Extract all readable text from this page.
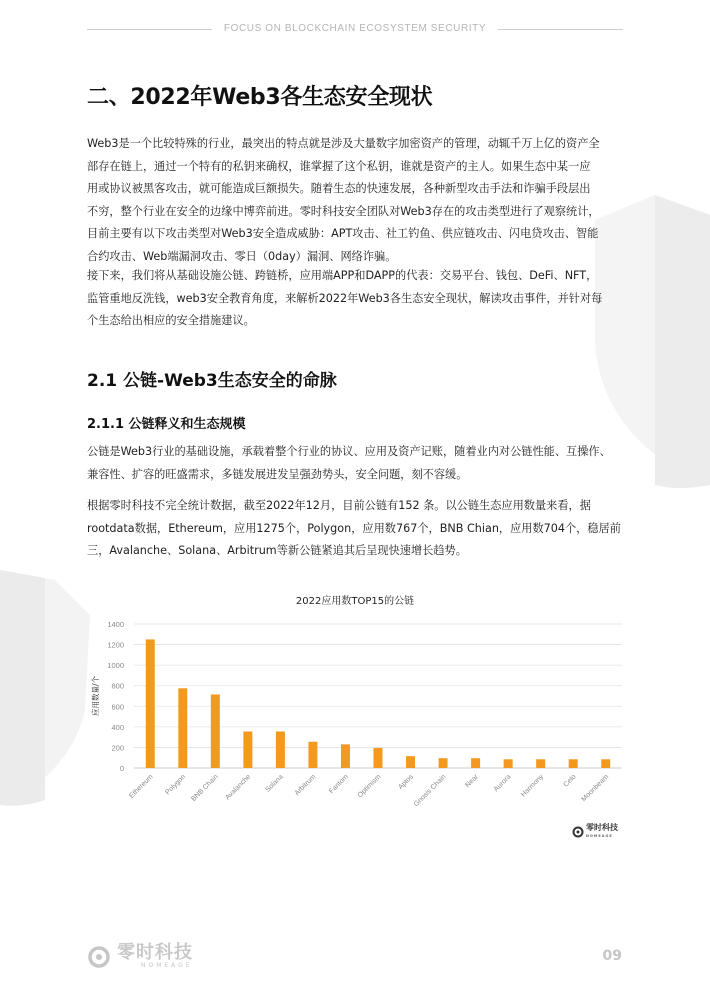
FOCUS ON BLOCKCHAIN ECOSYSTEM SECURITY
二、2022年Web3各生态安全现状
Web3是一个比较特殊的行业，最突出的特点就是涉及大量数字加密资产的管理，动辄千万上亿的资产全
部存在链上，通过一个特有的私钥来确权，谁掌握了这个私钥，谁就是资产的主人。如果生态中某一应
用或协议被黑客攻击，就可能造成巨额损失。随着生态的快速发展，各种新型攻击手法和诈骗手段层出
不穷，整个行业在安全的边缘中博弈前进。零时科技安全团队对Web3存在的攻击类型进行了观察统计，
目前主要有以下攻击类型对Web3安全造成威胁：APT攻击、社工钓鱼、供应链攻击、闪电贷攻击、智能
合约攻击、Web端漏洞攻击、零日（0day）漏洞、网络诈骗。
接下来，我们将从基础设施公链、跨链桥，应用端APP和DAPP的代表：交易平台、钱包、DeFi、NFT，
监管重地反洗钱，web3安全教育角度，来解析2022年Web3各生态安全现状，解读攻击事件，并针对每
个生态给出相应的安全措施建议。
2.1 公链-Web3生态安全的命脉
2.1.1 公链释义和生态规模
公链是Web3行业的基础设施，承载着整个行业的协议、应用及资产记账，随着业内对公链性能、互操作、
兼容性、扩容的旺盛需求，多链发展进发呈强劲势头，安全问题，刻不容缓。
根据零时科技不完全统计数据，截至2022年12月，目前公链有152 条。以公链生态应用数量来看，据
rootdata数据，Ethereum，应用1275个，Polygon，应用数767个，BNB Chian，应用数704个，稳居前
三，Avalanche、Solana、Arbitrum等新公链紧追其后呈现快速增长趋势。
2022应用数TOP15的公链
0
200
400
600
800
1000
1200
1400
应用数量/个
Ethereum Polygon BNB Chain Avalanche Solana Arbitrum Fantom Optimism Aptos
Gnosis Chain Near Aurora Harmony Celo Moonbeam
零时科技
NOMEAGE
零时科技
NOMEAGE
09
